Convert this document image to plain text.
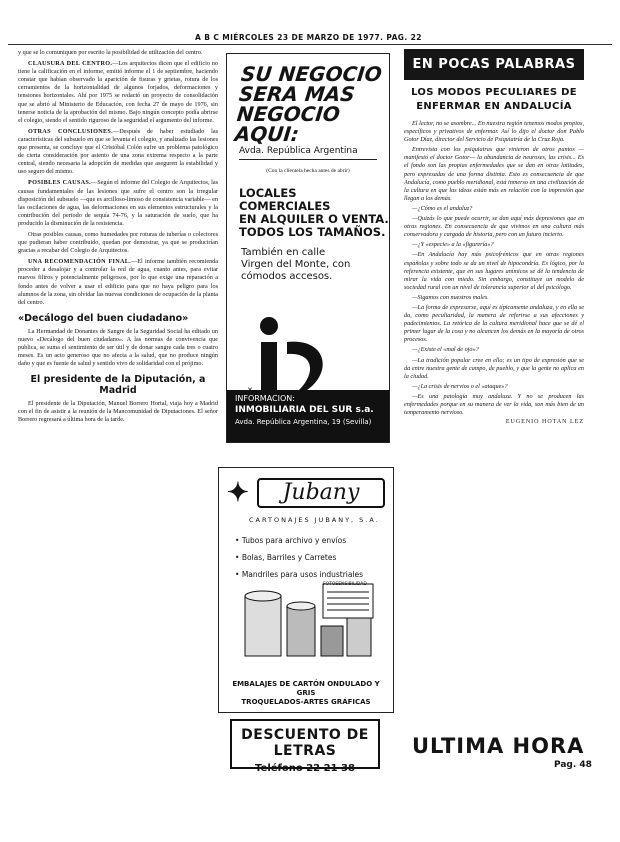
A B C MIÉRCOLES 23 DE MARZO DE 1977. PAG. 22

y que se lo comuniquen por escrito la posibilidad de utilización del centro.

CLAUSURA DEL CENTRO.—Los arquitectos dicen que el edificio no tiene la calificación en el informe, emitió informe el 1 de septiembre, haciendo constar que habían observado la aparición de fisuras y grietas, rotura de los cerramientos de la horizontalidad de algunos forjados, deformaciones y tensiones horizontales. Ahí por 1975 se redactó un proyecto de consolidación que se abrió al Ministerio de Educación, con fecha 27 de mayo de 1976, sin tenerse noticia de la aprobación del mismo. Bajo ningún concepto podía abrirse el colegio, siendo el sentido riguroso de la seguridad el argumento del informe.

OTRAS CONCLUSIONES.—Después de haber estudiado las características del subsuelo en que se levanta el colegio, y analizado las lesiones que presenta, se concluye que el Cristóbal Colón sufre un problema patológico de cierta consideración por asiento de una zona extrema respecto a la parte central, siendo necesaria la adopción de medidas que aseguren la estabilidad y uso seguro del mismo.

POSIBLES CAUSAS.—Según el informe del Colegio de Arquitectos, las causas fundamentales de las lesiones que sufre el centro son la irregular disposición del subsuelo —que es arcilloso-limoso de consistencia variable— en las oscilaciones de agua, las deformaciones en sus elementos estructurales y la contribución del periodo de sequía 74-76, y la saturación de suelo, que ha producido la disminución de la resistencia.

Otras posibles causas, como humedades por roturas de tuberías o colectores que pudieran haber contribuido, quedan por demostrar, ya que se producirían gracias a recabar del Colegio de Arquitectos.

UNA RECOMENDACIÓN FINAL.—El informe también recomienda proceder a desalojar y a controlar la red de agua, cuanto antes, para evitar nuevos filtros y potencialmente peligrosos, por lo que exige una reparación a fondo antes de volver a usar el edificio para que no haya peligro para los alumnos de la zona, sin olvidar las nuevas condiciones de ocupación de la planta del centro.

«Decálogo del buen ciudadano»

La Hermandad de Donantes de Sangre de la Seguridad Social ha editado un nuevo «Decálogo del buen ciudadano». A las normas de convivencia que publica, se suma el sentimiento de ser útil y de donar sangre cada tres o cuatro meses. Es un acto generoso que no afecta a la salud, que no produce ningún daño y que es fuente de salud y sentido vivo de solidaridad con el prójimo.

El presidente de la Diputación, a Madrid

El presidente de la Diputación, Manuel Borrero Hortal, viaja hoy a Madrid con el fin de asistir a la reunión de la Mancomunidad de Diputaciones. El señor Borrero regresará a última hora de la tarde.

SU NEGOCIO
SERA MAS
NEGOCIO
AQUI:
Avda. República Argentina
(Con la clientela hecha antes de abrir)
LOCALES COMERCIALES
EN ALQUILER O VENTA.
TODOS LOS TAMAÑOS.
También en calle
Virgen del Monte, con
cómodos accesos.
INFORMACION:
INMOBILIARIA DEL SUR s.a.
Avda. República Argentina, 19 (Sevilla)
✦	Jubany
CARTONAJES JUBANY, S.A.
• Tubos para archivo y envíos
• Bolas, Barriles y Carretes
• Mandriles para usos industriales
FOTOSENSIBILIDAD
EMBALAJES DE CARTÓN ONDULADO Y GRIS
TROQUELADOS-ARTES GRÁFICAS
DESCUENTO DE LETRAS
Teléfono 22 21 38
EN POCAS PALABRAS
LOS MODOS PECULIARES DE ENFERMAR EN ANDALUCÍA

El lector, no se asombre... En nuestra región tenemos modos propios, específicos y privativos de enfermar. Así lo dijo el doctor don Pablo Gotor Díaz, director del Servicio de Psiquiatría de la Cruz Roja.

Entrevista con los psiquiatras que vinieron de otros puntos —manifestó el doctor Gotor— la abundancia de neuroses, las crisis... Es el fondo son las propias enfermedades que se dan en otras latitudes, pero expresadas de una forma distinta. Esto es consecuencia de que Andalucía, como pueblo meridional, está inmerso en una civilización de la cultura en que las ideas están más en relación con la impresión que llegan a los demás.

—¿Cómo es el andaluz?

—Quizás lo que puede ocurrir, se dan aquí más depresiones que en otras regiones. En consecuencia de que vivimos en una cultura más conservadora y cargada de historia, pero con un futuro incierto.

—¿Y «especie» a la «figurería»?

—En Andalucía hay más psicofrénicos que en otras regiones españolas y sobre todo se da un nivel de hipocondría. Es lógico, por la referencia existente, que en sus lugares anímicos se dé la tendencia de mirar la vida con miedo. Sin embargo, constituye un modelo de sociedad rural con un nivel de tolerancia superior al del psicólogo.

—Sigamos con nuestros males.

—La forma de expresarse, aquí es típicamente andaluza, y en ella se da, como peculiaridad, la manera de referirse a sus afecciones y padecimientos. La retórica de la cultura meridional hace que se dé el primer lugar de la cosa y no alcancen los demás en la mayoría de otros procesos.

—¿Existe el «mal de ojo»?

—La tradición popular cree en ello; es un tipo de expresión que se da entre nuestra gente de campo, de pueblo, y que la gente no aplica en la ciudad.

—¿La crisis de nervios o el «ataque»?

—Es una patología muy andaluza. Y no se producen las enfermedades porque en su manera de ver la vida, son más bien de un temperamento nervioso.

EUGENIO HOTAN LEZ
ULTIMA HORA
Pag. 48
